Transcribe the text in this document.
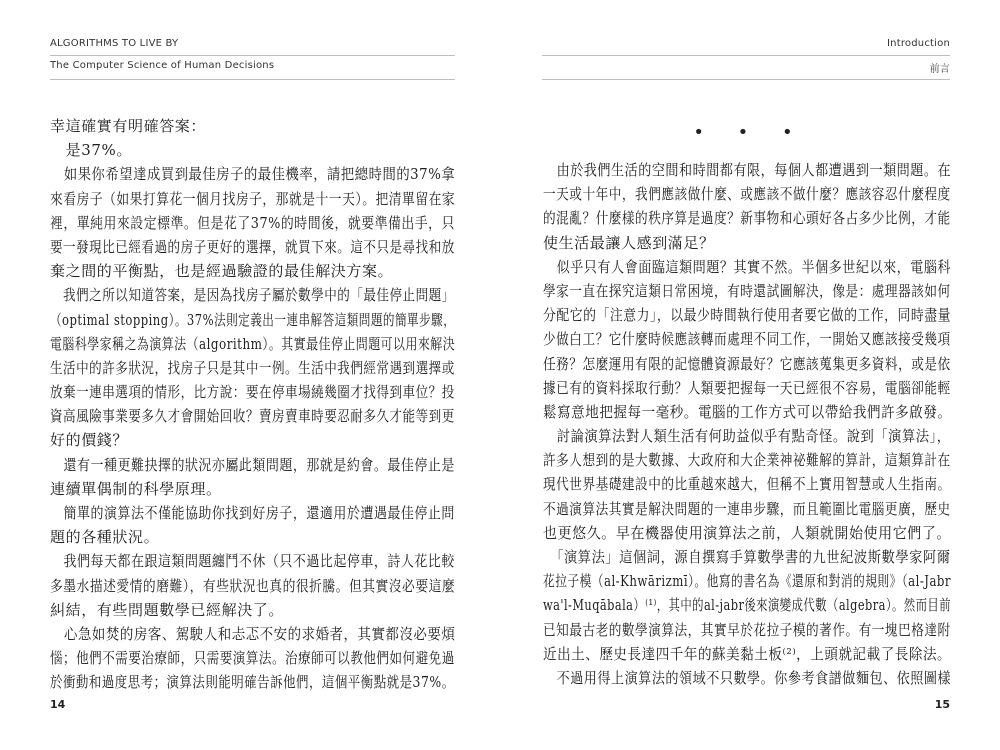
ALGORITHMS TO LIVE BY
The Computer Science of Human Decisions
幸這確實有明確答案：
　是37%。
　如果你希望達成買到最佳房子的最佳機率，請把總時間的37%拿
來看房子（如果打算花一個月找房子，那就是十一天）。把清單留在家
裡，單純用來設定標準。但是花了37%的時間後，就要準備出手，只
要一發現比已經看過的房子更好的選擇，就買下來。這不只是尋找和放
棄之間的平衡點，也是經過驗證的最佳解決方案。
　我們之所以知道答案，是因為找房子屬於數學中的「最佳停止問題」
（optimal stopping）。37%法則定義出一連串解答這類問題的簡單步驟，
電腦科學家稱之為演算法（algorithm）。其實最佳停止問題可以用來解決
生活中的許多狀況，找房子只是其中一例。生活中我們經常遇到選擇或
放棄一連串選項的情形，比方說：要在停車場繞幾圈才找得到車位？投
資高風險事業要多久才會開始回收？賣房賣車時要忍耐多久才能等到更
好的價錢？
　還有一種更難抉擇的狀況亦屬此類問題，那就是約會。最佳停止是
連續單偶制的科學原理。
　簡單的演算法不僅能協助你找到好房子，還適用於遭遇最佳停止問
題的各種狀況。
　我們每天都在跟這類問題纏鬥不休（只不過比起停車，詩人花比較
多墨水描述愛情的磨難），有些狀況也真的很折騰。但其實沒必要這麼
糾結，有些問題數學已經解決了。
　心急如焚的房客、駕駛人和忐忑不安的求婚者，其實都沒必要煩
惱；他們不需要治療師，只需要演算法。治療師可以教他們如何避免過
於衝動和過度思考；演算法則能明確告訴他們，這個平衡點就是37%。
14
Introduction
前言
• • •
　由於我們生活的空間和時間都有限，每個人都遭遇到一類問題。在
一天或十年中，我們應該做什麼、或應該不做什麼？應該容忍什麼程度
的混亂？什麼樣的秩序算是過度？新事物和心頭好各占多少比例，才能
使生活最讓人感到滿足？
　似乎只有人會面臨這類問題？其實不然。半個多世紀以來，電腦科
學家一直在探究這類日常困境，有時還試圖解決，像是：處理器該如何
分配它的「注意力」，以最少時間執行使用者要它做的工作，同時盡量
少做白工？它什麼時候應該轉而處理不同工作，一開始又應該接受幾項
任務？怎麼運用有限的記憶體資源最好？它應該蒐集更多資料，或是依
據已有的資料採取行動？人類要把握每一天已經很不容易，電腦卻能輕
鬆寫意地把握每一毫秒。電腦的工作方式可以帶給我們許多啟發。
　討論演算法對人類生活有何助益似乎有點奇怪。說到「演算法」，
許多人想到的是大數據、大政府和大企業神祕難解的算計，這類算計在
現代世界基礎建設中的比重越來越大，但稱不上實用智慧或人生指南。
不過演算法其實是解決問題的一連串步驟，而且範圍比電腦更廣，歷史
也更悠久。早在機器使用演算法之前，人類就開始使用它們了。
　「演算法」這個詞，源自撰寫手算數學書的九世紀波斯數學家阿爾
花拉子模（al-Khwārizmī）。他寫的書名為《還原和對消的規則》（al-Jabr
wa'l-Muqābala）⁽¹⁾，其中的al-jabr後來演變成代數（algebra）。然而目前
已知最古老的數學演算法，其實早於花拉子模的著作。有一塊巴格達附
近出土、歷史長達四千年的蘇美黏土板⁽²⁾，上頭就記載了長除法。
　不過用得上演算法的領域不只數學。你參考食譜做麵包、依照圖樣
15
